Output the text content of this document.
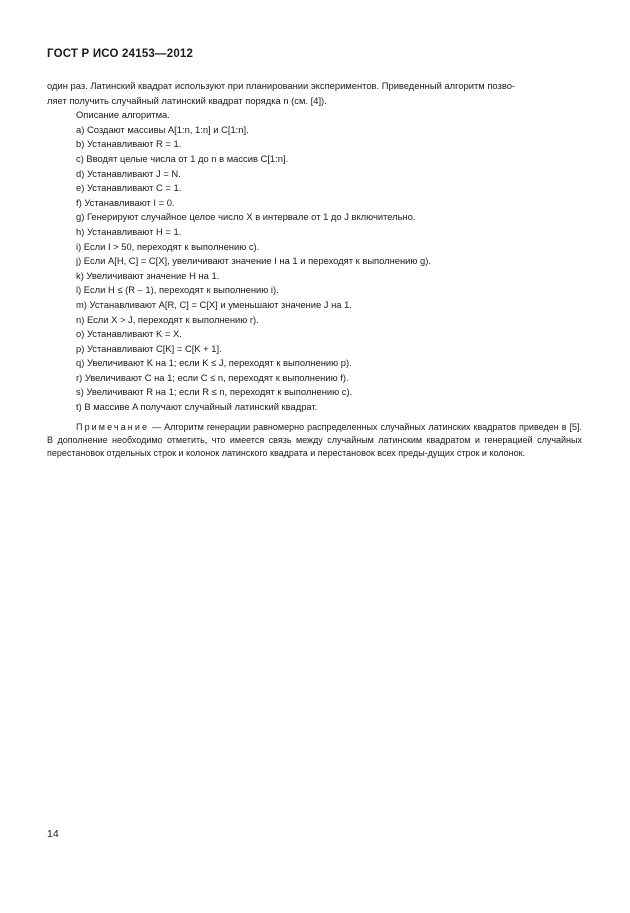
ГОСТ Р ИСО 24153—2012

один раз. Латинский квадрат используют при планировании экспериментов. Приведенный алгоритм позво-

ляет получить случайный латинский квадрат порядка n (см. [4]).

Описание алгоритма.

a) Создают массивы A[1:n, 1:n] и C[1:n].

b) Устанавливают R = 1.

c) Вводят целые числа от 1 до n в массив C[1:n].

d) Устанавливают J = N.

e) Устанавливают C = 1.

f) Устанавливают I = 0.

g) Генерируют случайное целое число X в интервале от 1 до J включительно.

h) Устанавливают H = 1.

i) Если I > 50, переходят к выполнению c).

j) Если A[H, C] = C[X], увеличивают значение I на 1 и переходят к выполнению g).

k) Увеличивают значение H на 1.

l) Если H ≤ (R – 1), переходят к выполнению i).

m) Устанавливают A[R, C] = C[X] и уменьшают значение J на 1.

n) Если X > J, переходят к выполнению r).

o) Устанавливают K = X.

p) Устанавливают C[K] = C[K + 1].

q) Увеличивают K на 1; если K ≤ J, переходят к выполнению p).

r) Увеличивают C на 1; если C ≤ n, переходят к выполнению f).

s) Увеличивают R на 1; если R ≤ n, переходят к выполнению c).

t) В массиве A получают случайный латинский квадрат.

Примечание — Алгоритм генерации равномерно распределенных случайных латинских квадратов приведен в [5]. В дополнение необходимо отметить, что имеется связь между случайным латинским квадратом и генерацией случайных перестановок отдельных строк и колонок латинского квадрата и перестановок всех преды-дущих строк и колонок.

14
